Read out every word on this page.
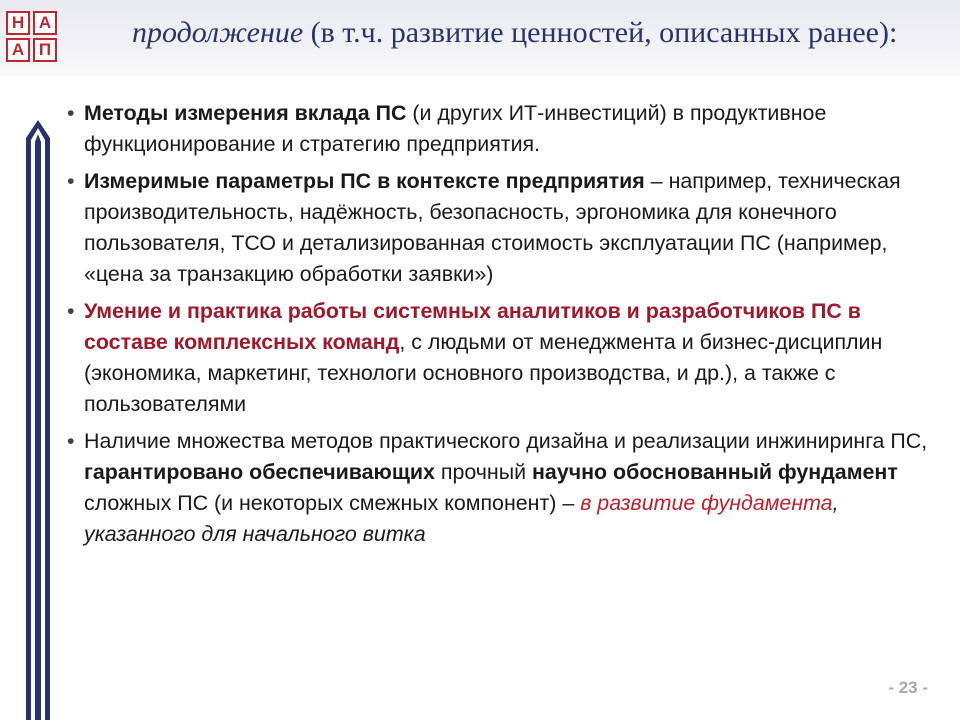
Н А
А П
продолжение (в т.ч. развитие ценностей, описанных ранее):
• Методы измерения вклада ПС (и других ИТ-инвестиций) в продуктивное функционирование и стратегию предприятия.
• Измеримые параметры ПС в контексте предприятия – например, техническая производительность, надёжность, безопасность, эргономика для конечного пользователя, ТСО и детализированная стоимость эксплуатации ПС (например, «цена за транзакцию обработки заявки»)
• Умение и практика работы системных аналитиков и разработчиков ПС в составе комплексных команд, с людьми от менеджмента и бизнес-дисциплин (экономика, маркетинг, технологи основного производства, и др.), а также с пользователями
• Наличие множества методов практического дизайна и реализации инжиниринга ПС, гарантировано обеспечивающих прочный научно обоснованный фундамент сложных ПС (и некоторых смежных компонент) – в развитие фундамента, указанного для начального витка
- 23 -
